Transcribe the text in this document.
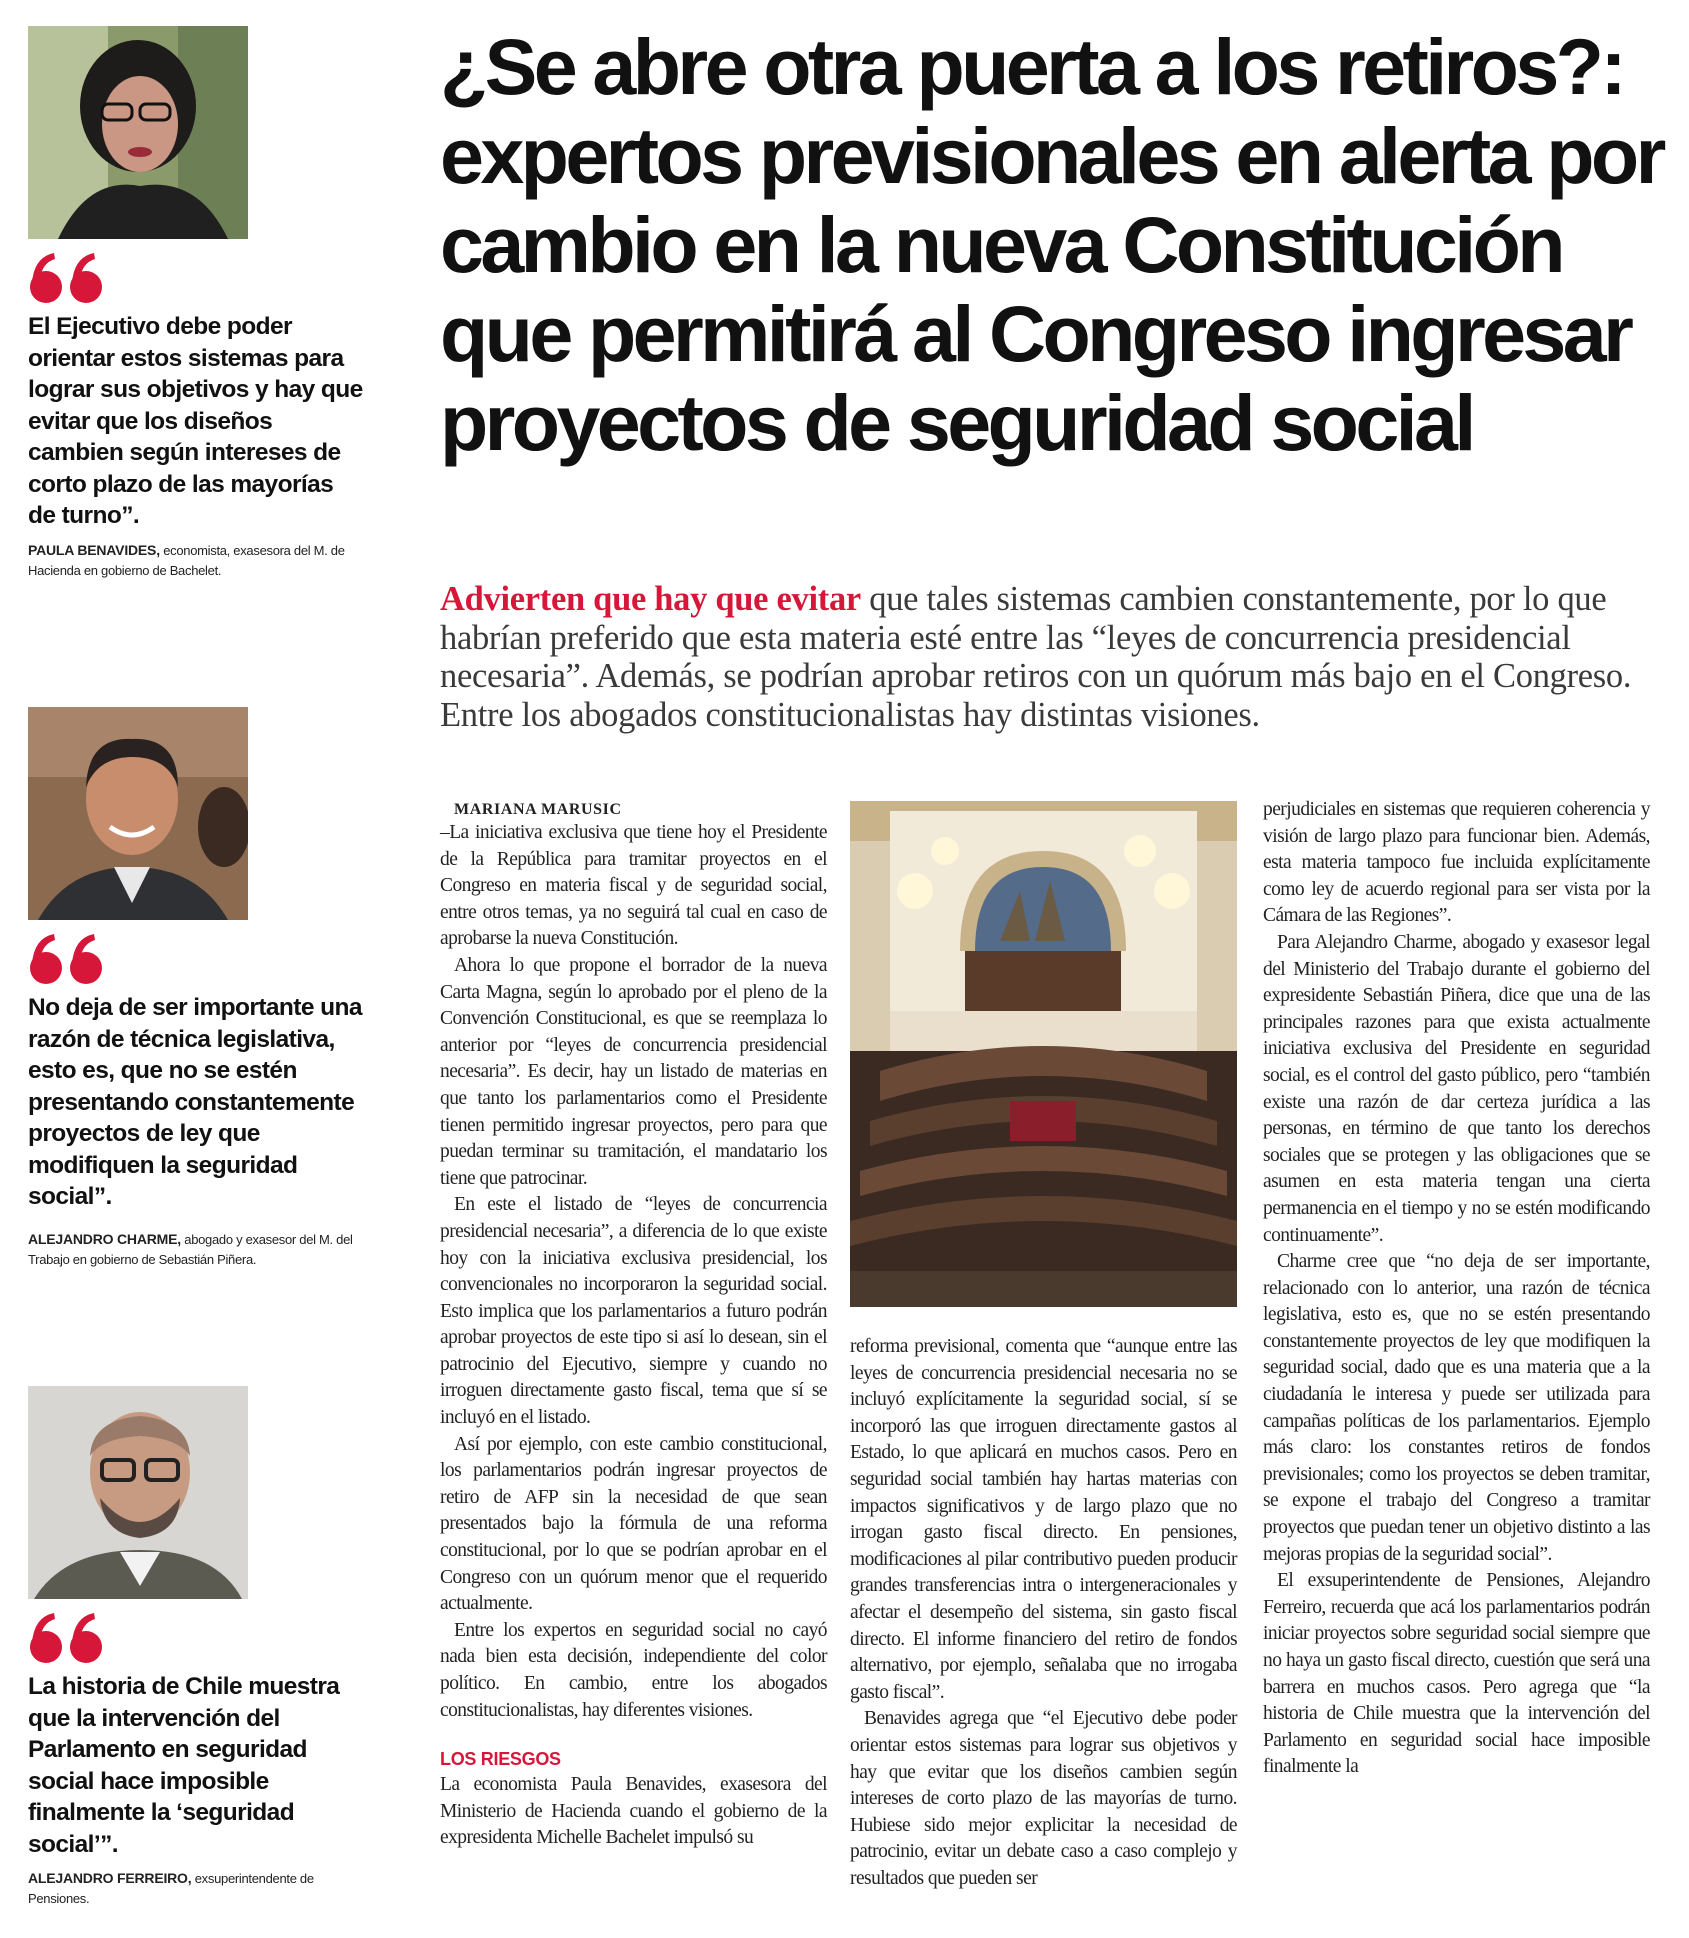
El Ejecutivo debe poder orientar estos sistemas para lograr sus objetivos y hay que evitar que los diseños cambien según intereses de corto plazo de las mayorías de turno”.
PAULA BENAVIDES, economista, exasesora del M. de Hacienda en gobierno de Bachelet.
No deja de ser importante una razón de técnica legislativa, esto es, que no se estén presentando constantemente proyectos de ley que modifiquen la seguridad social”.
ALEJANDRO CHARME, abogado y exasesor del M. del Trabajo en gobierno de Sebastián Piñera.
La historia de Chile muestra que la intervención del Parlamento en seguridad social hace imposible finalmente la ‘seguridad social’”.
ALEJANDRO FERREIRO, exsuperintendente de Pensiones.
¿Se abre otra puerta a los retiros?: expertos previsionales en alerta por cambio en la nueva Constitución que permitirá al Congreso ingresar proyectos de seguridad social

Advierten que hay que evitar que tales sistemas cambien constantemente, por lo que habrían preferido que esta materia esté entre las “leyes de concurrencia presidencial necesaria”. Además, se podrían aprobar retiros con un quórum más bajo en el Congreso. Entre los abogados constitucionalistas hay distintas visiones.

MARIANA MARUSIC

–La iniciativa exclusiva que tiene hoy el Presidente de la República para tramitar proyectos en el Congreso en materia fiscal y de seguridad social, entre otros temas, ya no seguirá tal cual en caso de aprobarse la nueva Constitución.

Ahora lo que propone el borrador de la nueva Carta Magna, según lo aprobado por el pleno de la Convención Constitucional, es que se reemplaza lo anterior por “leyes de concurrencia presidencial necesaria”. Es decir, hay un listado de materias en que tanto los parlamentarios como el Presidente tienen permitido ingresar proyectos, pero para que puedan terminar su tramitación, el mandatario los tiene que patrocinar.

En este el listado de “leyes de concurrencia presidencial necesaria”, a diferencia de lo que existe hoy con la iniciativa exclusiva presidencial, los convencionales no incorporaron la seguridad social. Esto implica que los parlamentarios a futuro podrán aprobar proyectos de este tipo si así lo desean, sin el patrocinio del Ejecutivo, siempre y cuando no irroguen directamente gasto fiscal, tema que sí se incluyó en el listado.

Así por ejemplo, con este cambio constitucional, los parlamentarios podrán ingresar proyectos de retiro de AFP sin la necesidad de que sean presentados bajo la fórmula de una reforma constitucional, por lo que se podrían aprobar en el Congreso con un quórum menor que el requerido actualmente.

Entre los expertos en seguridad social no cayó nada bien esta decisión, independiente del color político. En cambio, entre los abogados constitucionalistas, hay diferentes visiones.

LOS RIESGOS

La economista Paula Benavides, exasesora del Ministerio de Hacienda cuando el gobierno de la expresidenta Michelle Bachelet impulsó su

reforma previsional, comenta que “aunque entre las leyes de concurrencia presidencial necesaria no se incluyó explícitamente la seguridad social, sí se incorporó las que irroguen directamente gastos al Estado, lo que aplicará en muchos casos. Pero en seguridad social también hay hartas materias con impactos significativos y de largo plazo que no irrogan gasto fiscal directo. En pensiones, modificaciones al pilar contributivo pueden producir grandes transferencias intra o intergeneracionales y afectar el desempeño del sistema, sin gasto fiscal directo. El informe financiero del retiro de fondos alternativo, por ejemplo, señalaba que no irrogaba gasto fiscal”.

Benavides agrega que “el Ejecutivo debe poder orientar estos sistemas para lograr sus objetivos y hay que evitar que los diseños cambien según intereses de corto plazo de las mayorías de turno. Hubiese sido mejor explicitar la necesidad de patrocinio, evitar un debate caso a caso complejo y resultados que pueden ser

perjudiciales en sistemas que requieren coherencia y visión de largo plazo para funcionar bien. Además, esta materia tampoco fue incluida explícitamente como ley de acuerdo regional para ser vista por la Cámara de las Regiones”.

Para Alejandro Charme, abogado y exasesor legal del Ministerio del Trabajo durante el gobierno del expresidente Sebastián Piñera, dice que una de las principales razones para que exista actualmente iniciativa exclusiva del Presidente en seguridad social, es el control del gasto público, pero “también existe una razón de dar certeza jurídica a las personas, en término de que tanto los derechos sociales que se protegen y las obligaciones que se asumen en esta materia tengan una cierta permanencia en el tiempo y no se estén modificando continuamente”.

Charme cree que “no deja de ser importante, relacionado con lo anterior, una razón de técnica legislativa, esto es, que no se estén presentando constantemente proyectos de ley que modifiquen la seguridad social, dado que es una materia que a la ciudadanía le interesa y puede ser utilizada para campañas políticas de los parlamentarios. Ejemplo más claro: los constantes retiros de fondos previsionales; como los proyectos se deben tramitar, se expone el trabajo del Congreso a tramitar proyectos que puedan tener un objetivo distinto a las mejoras propias de la seguridad social”.

El exsuperintendente de Pensiones, Alejandro Ferreiro, recuerda que acá los parlamentarios podrán iniciar proyectos sobre seguridad social siempre que no haya un gasto fiscal directo, cuestión que será una barrera en muchos casos. Pero agrega que “la historia de Chile muestra que la intervención del Parlamento en seguridad social hace imposible finalmente la
